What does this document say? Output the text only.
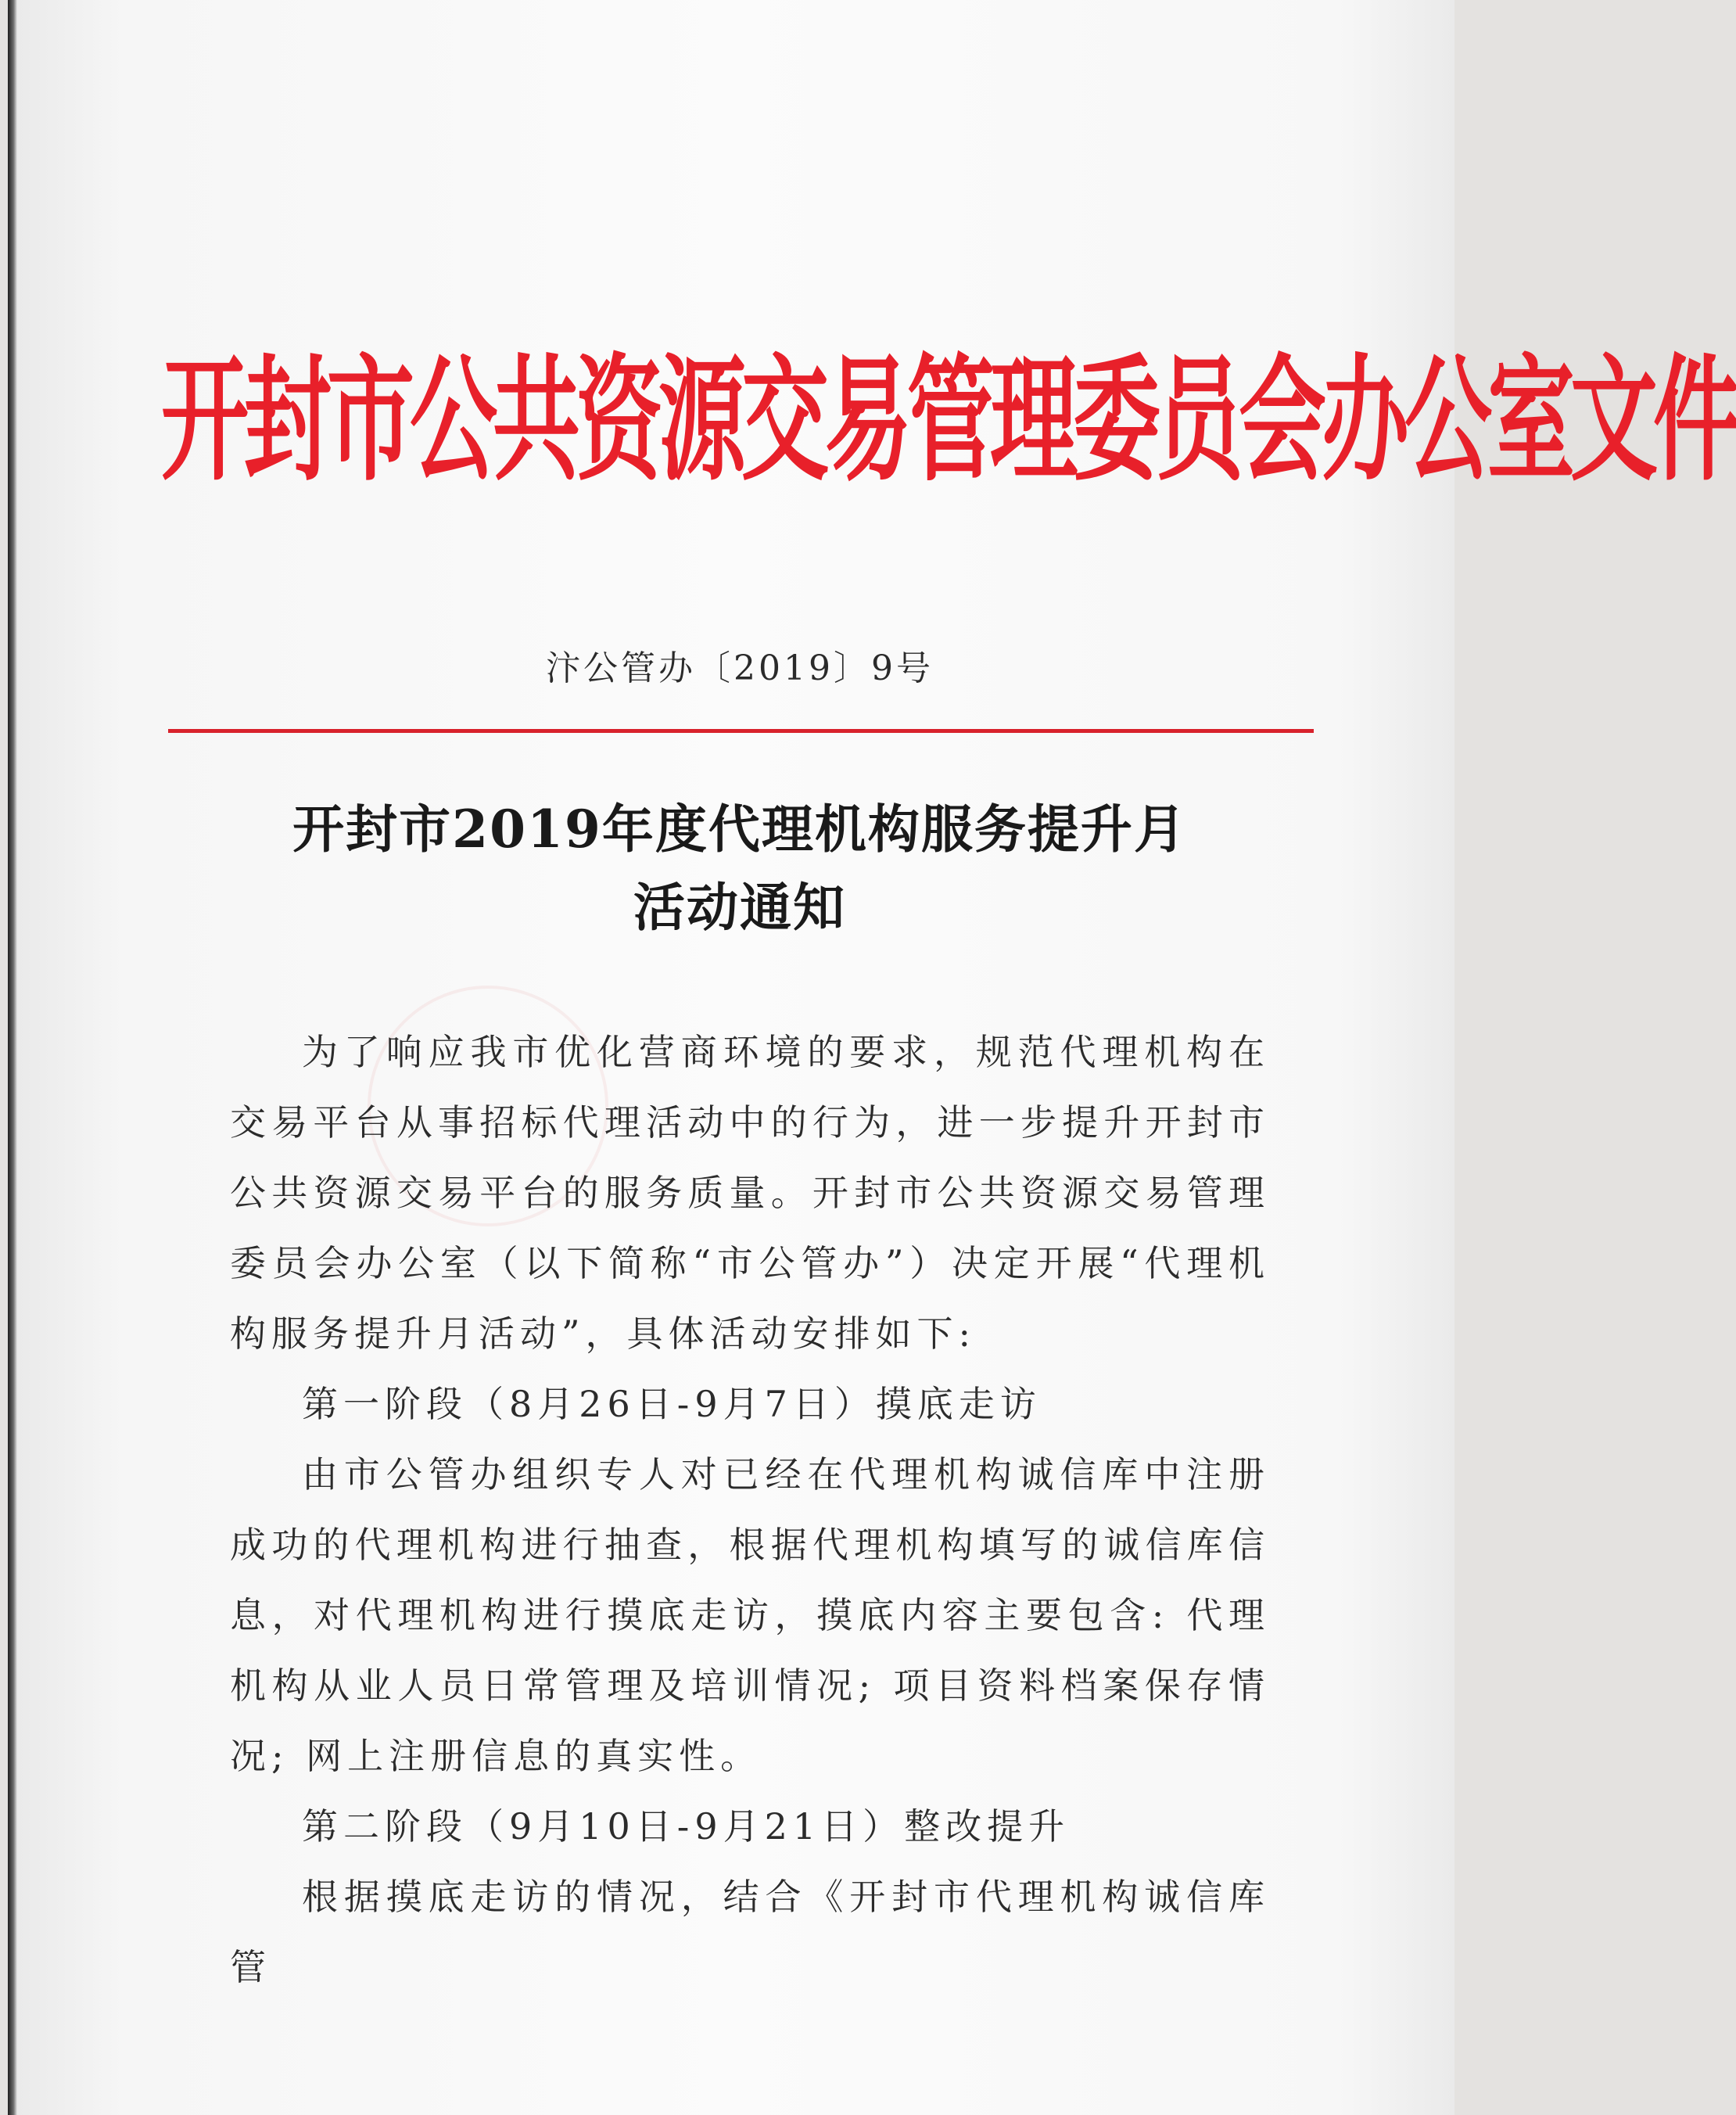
开封市公共资源交易管理委员会办公室文件
汴公管办〔2019〕9号
开封市2019年度代理机构服务提升月
活动通知

为了响应我市优化营商环境的要求，规范代理机构在交易平台从事招标代理活动中的行为，进一步提升开封市公共资源交易平台的服务质量。开封市公共资源交易管理委员会办公室（以下简称“市公管办”）决定开展“代理机构服务提升月活动”，具体活动安排如下:

第一阶段（8月26日-9月7日）摸底走访

由市公管办组织专人对已经在代理机构诚信库中注册成功的代理机构进行抽查，根据代理机构填写的诚信库信息，对代理机构进行摸底走访，摸底内容主要包含: 代理机构从业人员日常管理及培训情况; 项目资料档案保存情况; 网上注册信息的真实性。

第二阶段（9月10日-9月21日）整改提升

根据摸底走访的情况，结合《开封市代理机构诚信库管
